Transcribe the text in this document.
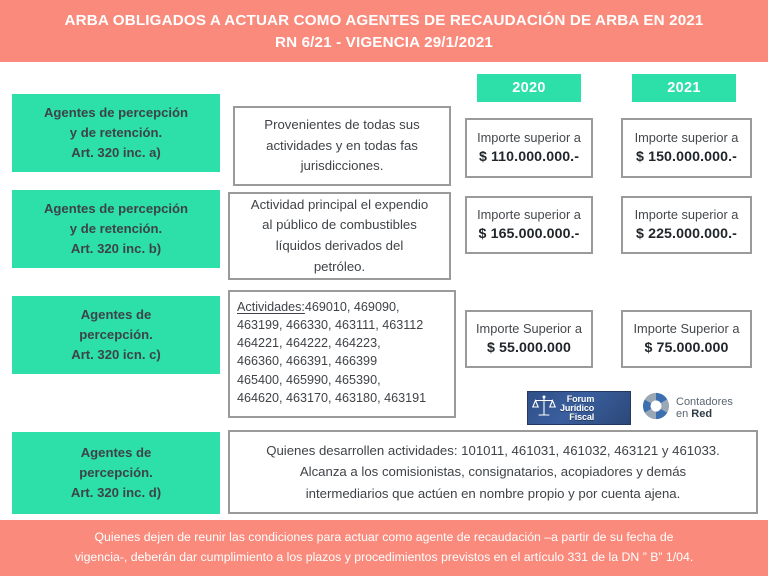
ARBA OBLIGADOS A ACTUAR COMO AGENTES DE RECAUDACIÓN DE ARBA EN 2021
RN 6/21 - VIGENCIA 29/1/2021
2020	2021
Agentes de percepción
y de retención.
Art. 320 inc. a)
Provenientes de todas sus
actividades y en todas fas
jurisdicciones.
Importe superior a
$ 110.000.000.-
Importe superior a
$ 150.000.000.-
Agentes de percepción
y de retención.
Art. 320 inc. b)
Actividad principal el expendio
al público de combustibles
líquidos derivados del
petróleo.
Importe superior a
$ 165.000.000.-
Importe superior a
$ 225.000.000.-
Agentes de
percepción.
Art. 320 icn. c)
Actividades:469010, 469090,
463199, 466330, 463111, 463112
464221, 464222, 464223,
466360, 466391, 466399
465400, 465990, 465390,
464620, 463170, 463180, 463191
Importe Superior a
$ 55.000.000
Importe Superior a
$ 75.000.000
Forum
Jurídico
Fiscal
Contadores
en Red
Agentes de
percepción.
Art. 320 inc. d)
Quienes desarrollen actividades: 101011, 461031, 461032, 463121 y 461033.
Alcanza a los comisionistas, consignatarios, acopiadores y demás
intermediarios que actúen en nombre propio y por cuenta ajena.
Quienes dejen de reunir las condiciones para actuar como agente de recaudación –a partir de su fecha de
vigencia-, deberán dar cumplimiento a los plazos y procedimientos previstos en el artículo 331 de la DN ” B” 1/04.
